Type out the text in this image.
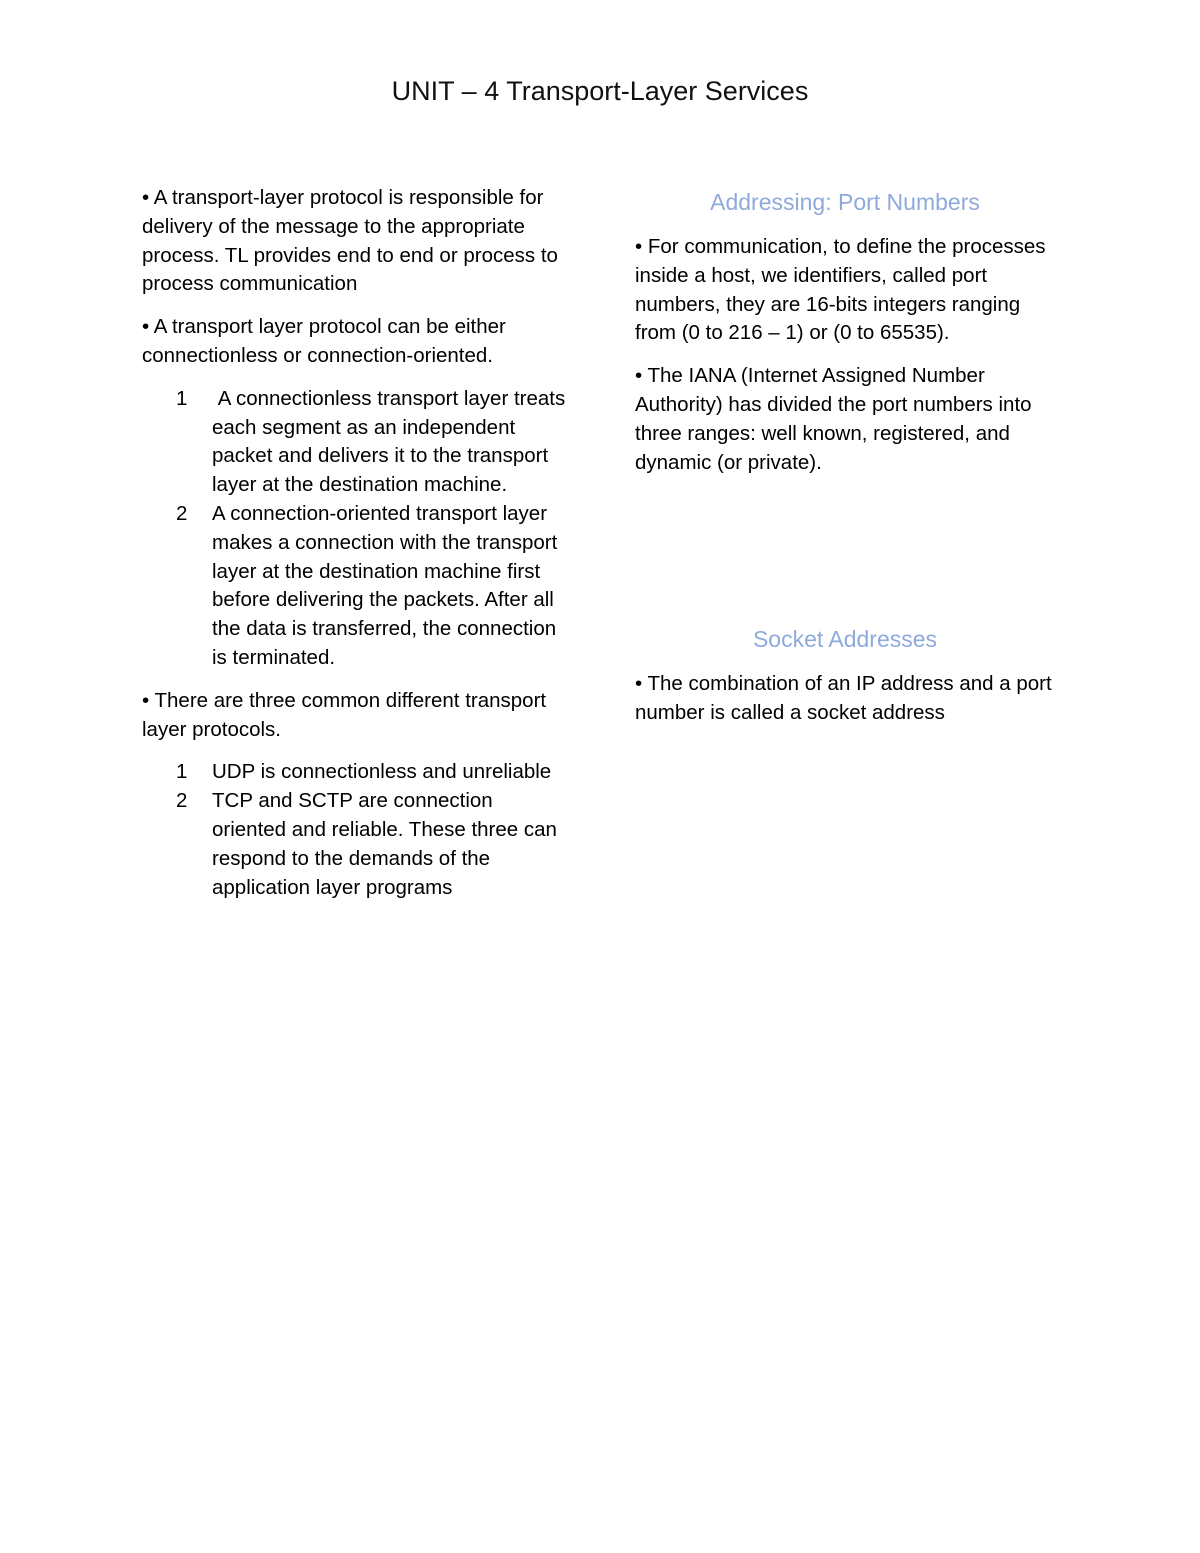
UNIT – 4 Transport-Layer Services

• A transport-layer protocol is responsible for delivery of the message to the appropriate process. TL provides end to end or process to process communication

• A transport layer protocol can be either connectionless or connection-oriented.

1	A connectionless transport layer treats each segment as an independent packet and delivers it to the transport layer at the destination machine.
2	A connection-oriented transport layer makes a connection with the transport layer at the destination machine first before delivering the packets. After all the data is transferred, the connection is terminated.

• There are three common different transport layer protocols.

1	UDP is connectionless and unreliable
2	TCP and SCTP are connection oriented and reliable. These three can respond to the demands of the application layer programs
Addressing: Port Numbers

• For communication, to define the processes inside a host, we identifiers, called port numbers, they are 16-bits integers ranging from (0 to 216 – 1) or (0 to 65535).

• The IANA (Internet Assigned Number Authority) has divided the port numbers into three ranges: well known, registered, and dynamic (or private).

Socket Addresses

• The combination of an IP address and a port number is called a socket address
